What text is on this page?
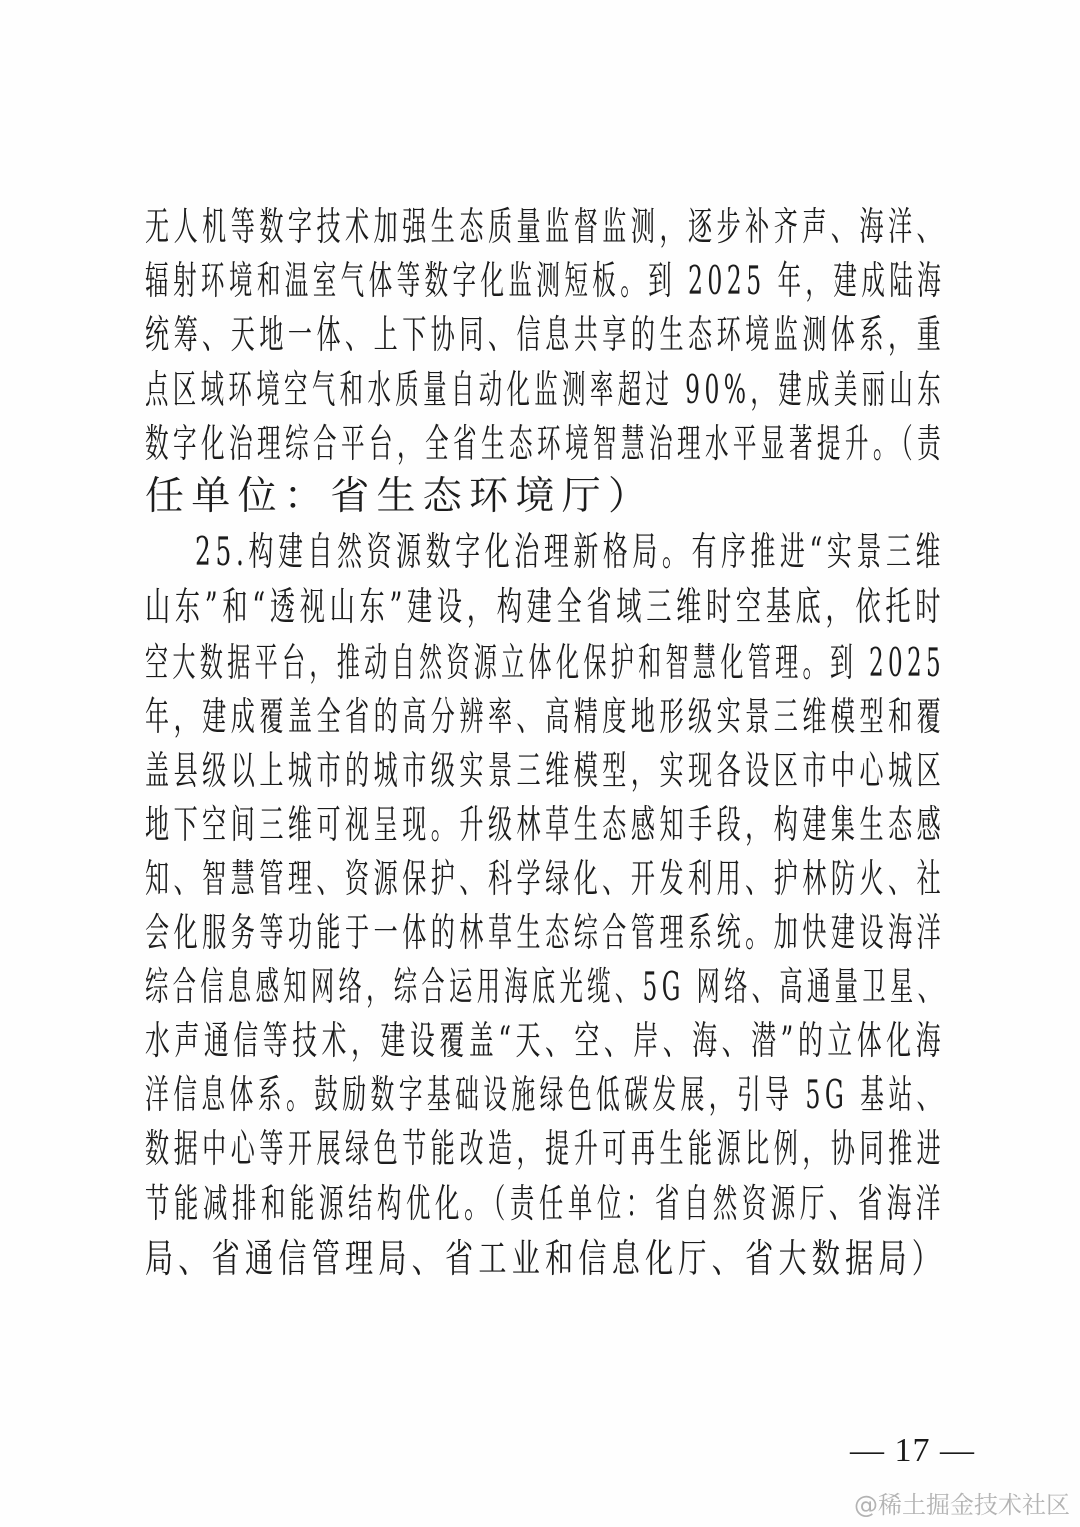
无人机等数字技术加强生态质量监督监测，逐步补齐声、海洋、
辐射环境和温室气体等数字化监测短板。到 2025 年，建成陆海
统筹、天地一体、上下协同、信息共享的生态环境监测体系，重
点区域环境空气和水质量自动化监测率超过 90%，建成美丽山东
数字化治理综合平台，全省生态环境智慧治理水平显著提升。（责
任单位：省生态环境厅）
25.构建自然资源数字化治理新格局。有序推进“实景三维
山东”和“透视山东”建设，构建全省域三维时空基底，依托时
空大数据平台，推动自然资源立体化保护和智慧化管理。到 2025
年，建成覆盖全省的高分辨率、高精度地形级实景三维模型和覆
盖县级以上城市的城市级实景三维模型，实现各设区市中心城区
地下空间三维可视呈现。升级林草生态感知手段，构建集生态感
知、智慧管理、资源保护、科学绿化、开发利用、护林防火、社
会化服务等功能于一体的林草生态综合管理系统。加快建设海洋
综合信息感知网络，综合运用海底光缆、5G 网络、高通量卫星、
水声通信等技术，建设覆盖“天、空、岸、海、潜”的立体化海
洋信息体系。鼓励数字基础设施绿色低碳发展，引导 5G 基站、
数据中心等开展绿色节能改造，提升可再生能源比例，协同推进
节能减排和能源结构优化。（责任单位：省自然资源厅、省海洋
局、省通信管理局、省工业和信息化厅、省大数据局）
— 17 —
@稀土掘金技术社区
